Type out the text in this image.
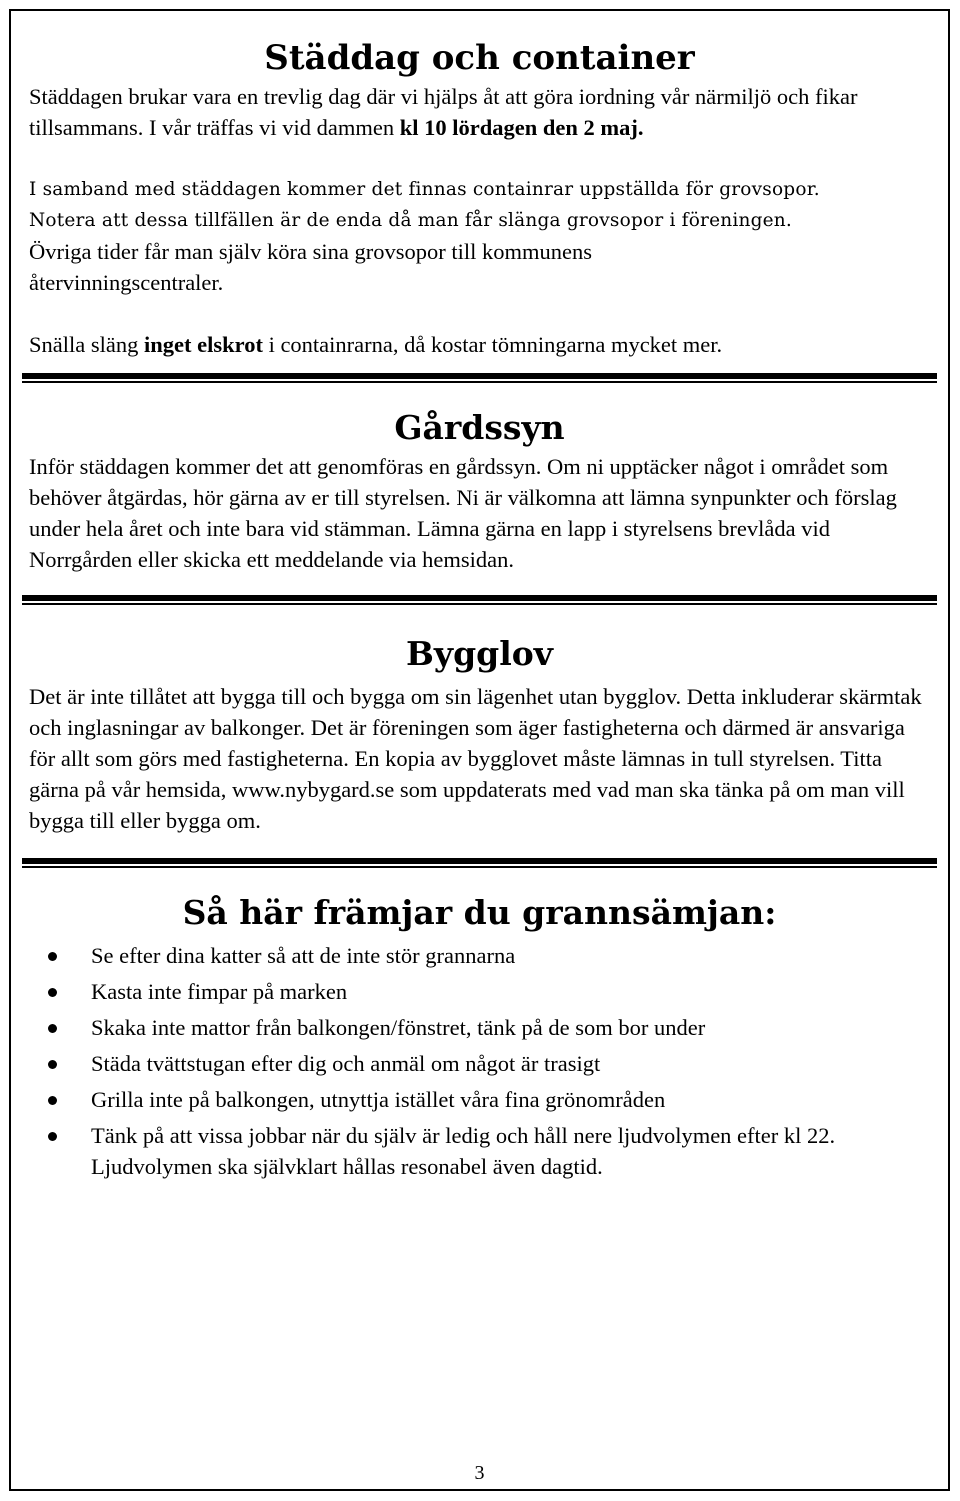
Städdag och container

Städdagen brukar vara en trevlig dag där vi hjälps åt att göra iordning vår närmiljö och fikar tillsammans. I vår träffas vi vid dammen kl 10 lördagen den 2 maj.

I samband med städdagen kommer det finnas containrar uppställda för grovsopor.
Notera att dessa tillfällen är de enda då man får slänga grovsopor i föreningen.

Övriga tider får man själv köra sina grovsopor till kommunens återvinningscentraler.

Snälla släng inget elskrot i containrarna, då kostar tömningarna mycket mer.

Gårdssyn

Inför städdagen kommer det att genomföras en gårdssyn. Om ni upptäcker något i området som behöver åtgärdas, hör gärna av er till styrelsen. Ni är välkomna att lämna synpunkter och förslag under hela året och inte bara vid stämman. Lämna gärna en lapp i styrelsens brevlåda vid Norrgården eller skicka ett meddelande via hemsidan.

Bygglov

Det är inte tillåtet att bygga till och bygga om sin lägenhet utan bygglov. Detta inkluderar skärmtak och inglasningar av balkonger. Det är föreningen som äger fastigheterna och därmed är ansvariga för allt som görs med fastigheterna. En kopia av bygglovet måste lämnas in tull styrelsen. Titta gärna på vår hemsida, www.nybygard.se som uppdaterats med vad man ska tänka på om man vill bygga till eller bygga om.

Så här främjar du grannsämjan:
Se efter dina katter så att de inte stör grannarna
Kasta inte fimpar på marken
Skaka inte mattor från balkongen/fönstret, tänk på de som bor under
Städa tvättstugan efter dig och anmäl om något är trasigt
Grilla inte på balkongen, utnyttja istället våra fina grönområden
Tänk på att vissa jobbar när du själv är ledig och håll nere ljudvolymen efter kl 22. Ljudvolymen ska självklart hållas resonabel även dagtid.
3
